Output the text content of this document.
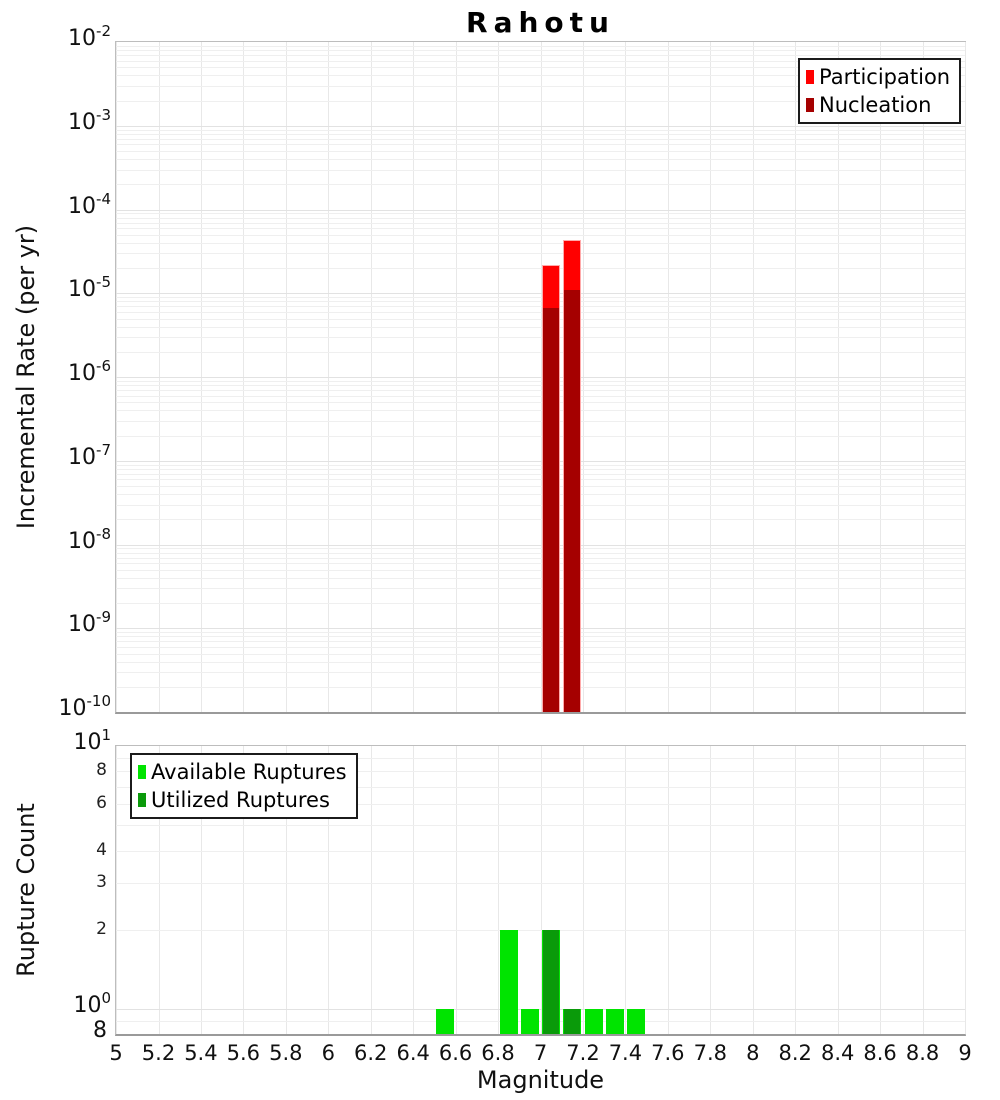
Rahotu
Incremental Rate (per yr)
Rupture Count
Magnitude
Participation
Nucleation
Available Ruptures
Utilized Ruptures
$10^{-2}$
$10^{-3}$
$10^{-4}$
$10^{-5}$
$10^{-6}$
$10^{-7}$
$10^{-8}$
$10^{-9}$
$10^{-10}$
$10^1$
8
6
4
3
2
$10^0$
8
5 5.2 5.4 5.6 5.8 6 6.2 6.4 6.6 6.8 7 7.2 7.4 7.6 7.8 8 8.2 8.4 8.6 8.8 9
